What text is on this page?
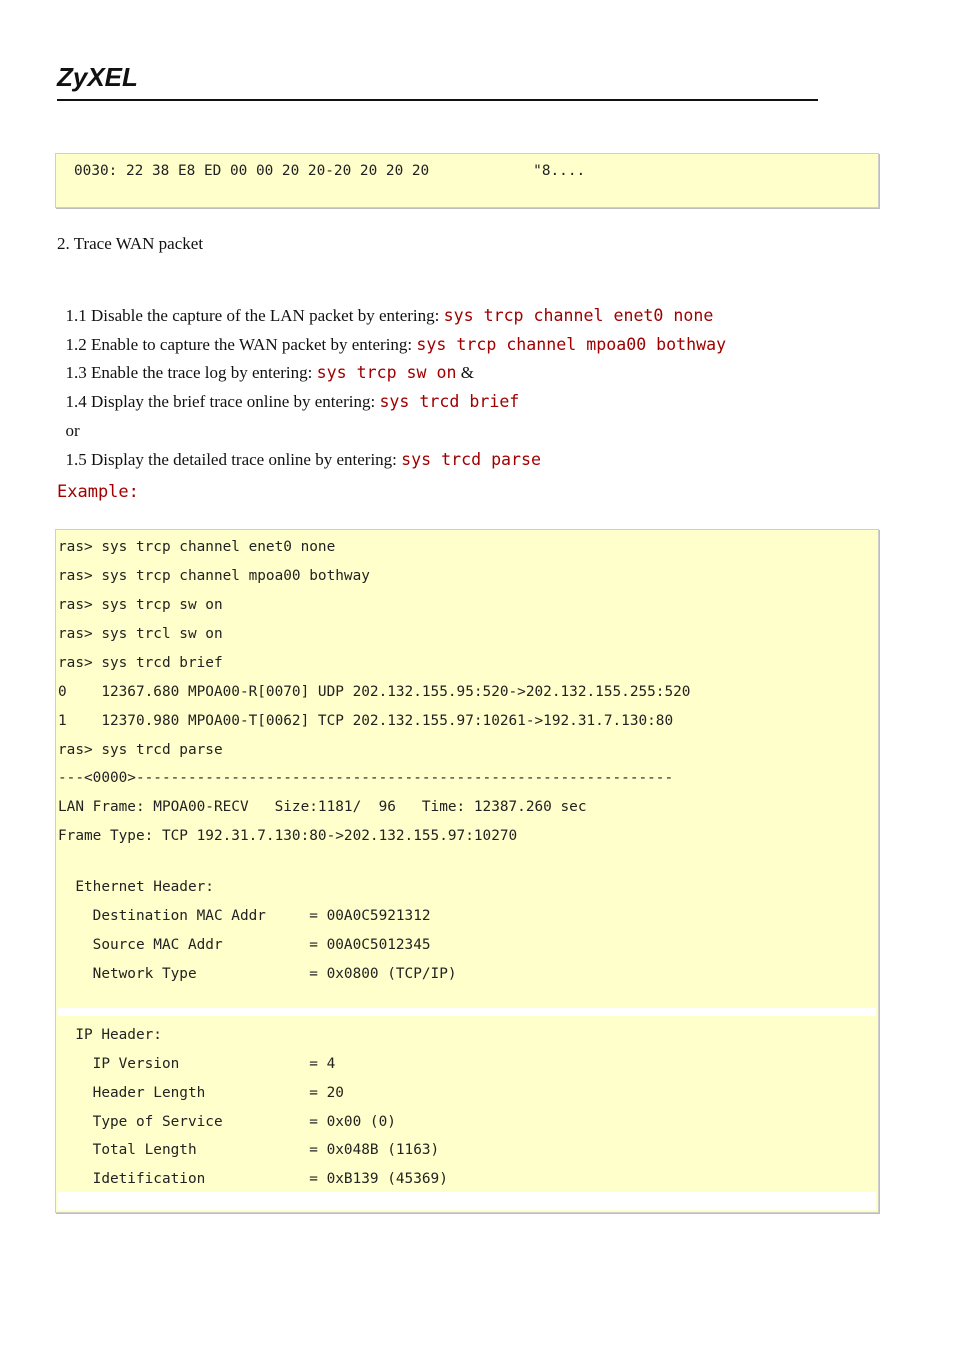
ZyXEL
0030: 22 38 E8 ED 00 00 20 20-20 20 20 20            "8....
2. Trace WAN packet

1.1 Disable the capture of the LAN packet by entering: sys trcp channel enet0 none

1.2 Enable to capture the WAN packet by entering: sys trcp channel mpoa00 bothway

1.3 Enable the trace log by entering: sys trcp sw on &

1.4 Display the brief trace online by entering: sys trcd brief

or

1.5 Display the detailed trace online by entering: sys trcd parse

Example:
ras> sys trcp channel enet0 none
ras> sys trcp channel mpoa00 bothway
ras> sys trcp sw on
ras> sys trcl sw on
ras> sys trcd brief
0    12367.680 MPOA00-R[0070] UDP 202.132.155.95:520->202.132.155.255:520
1    12370.980 MPOA00-T[0062] TCP 202.132.155.97:10261->192.31.7.130:80
ras> sys trcd parse
---<0000>--------------------------------------------------------------
LAN Frame: MPOA00-RECV   Size:1181/  96   Time: 12387.260 sec
Frame Type: TCP 192.31.7.130:80->202.132.155.97:10270
Ethernet Header:
Destination MAC Addr     = 00A0C5921312
Source MAC Addr          = 00A0C5012345
Network Type             = 0x0800 (TCP/IP)
IP Header:
IP Version               = 4
Header Length            = 20
Type of Service          = 0x00 (0)
Total Length             = 0x048B (1163)
Idetification            = 0xB139 (45369)
